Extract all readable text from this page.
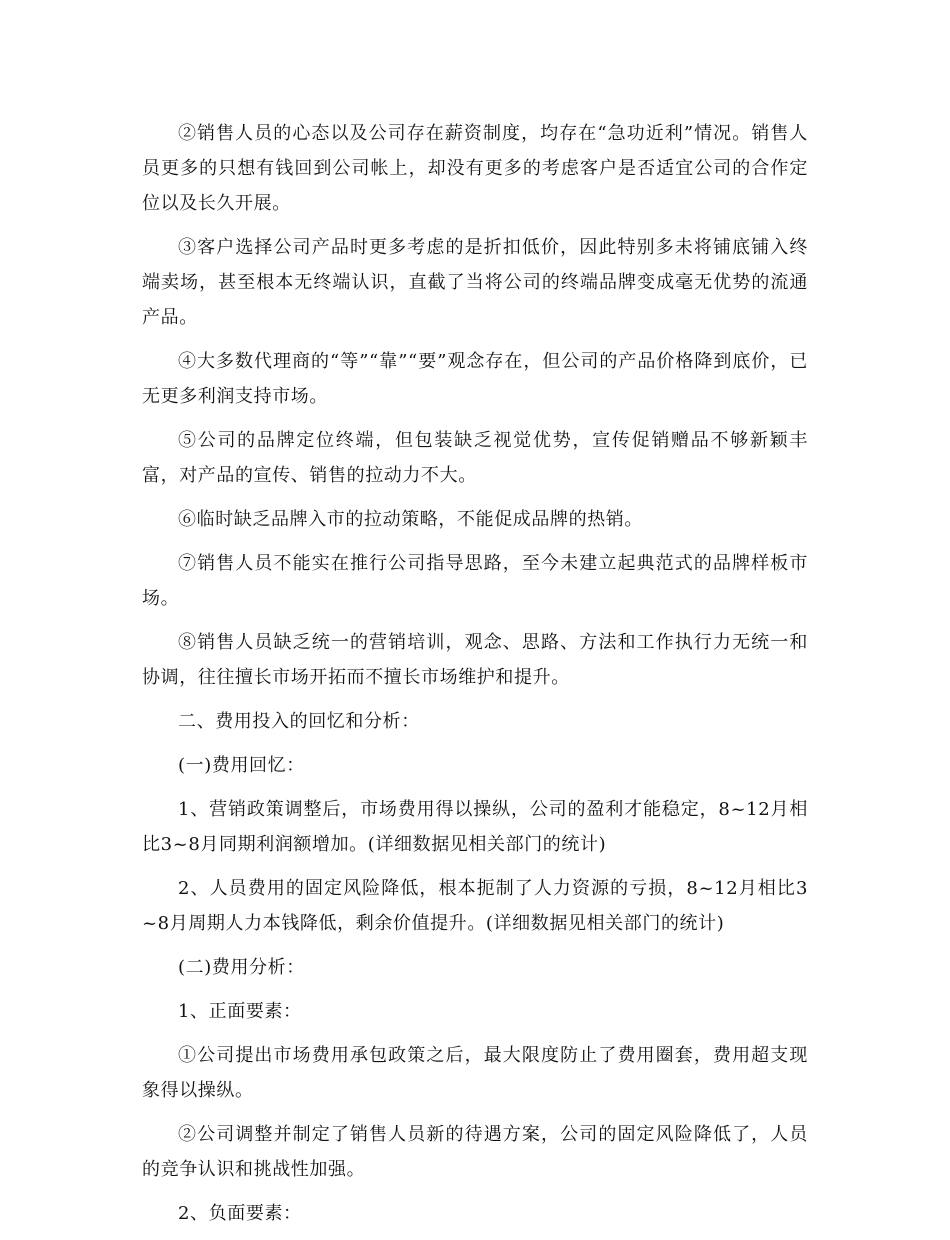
②销售人员的心态以及公司存在薪资制度，均存在“急功近利”情况。销售人员更多的只想有钱回到公司帐上，却没有更多的考虑客户是否适宜公司的合作定位以及长久开展。

③客户选择公司产品时更多考虑的是折扣低价，因此特别多未将铺底铺入终端卖场，甚至根本无终端认识，直截了当将公司的终端品牌变成毫无优势的流通产品。

④大多数代理商的“等”“靠”“要”观念存在，但公司的产品价格降到底价，已无更多利润支持市场。

⑤公司的品牌定位终端，但包装缺乏视觉优势，宣传促销赠品不够新颖丰富，对产品的宣传、销售的拉动力不大。

⑥临时缺乏品牌入市的拉动策略，不能促成品牌的热销。

⑦销售人员不能实在推行公司指导思路，至今未建立起典范式的品牌样板市场。

⑧销售人员缺乏统一的营销培训，观念、思路、方法和工作执行力无统一和协调，往往擅长市场开拓而不擅长市场维护和提升。

二、费用投入的回忆和分析：

(一)费用回忆：

1、营销政策调整后，市场费用得以操纵，公司的盈利才能稳定，8~12月相比3~8月同期利润额增加。(详细数据见相关部门的统计)

2、人员费用的固定风险降低，根本扼制了人力资源的亏损，8~12月相比3~8月周期人力本钱降低，剩余价值提升。(详细数据见相关部门的统计)

(二)费用分析：

1、正面要素：

①公司提出市场费用承包政策之后，最大限度防止了费用圈套，费用超支现象得以操纵。

②公司调整并制定了销售人员新的待遇方案，公司的固定风险降低了，人员的竞争认识和挑战性加强。

2、负面要素：
